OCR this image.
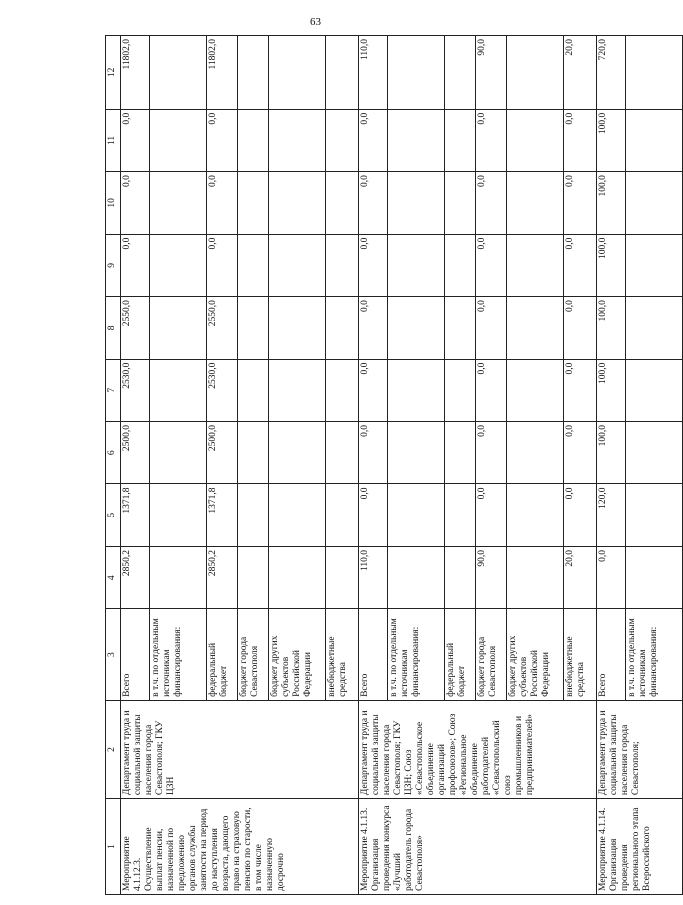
63
1	2	3	4	5	6	7	8	9	10	11	12
Мероприятие 4.1.12.3. Осуществление выплат пенсии, назначенной по предложению органов службы занятости на период до наступления возраста, дающего право на страховую пенсию по старости, в том числе назначенную досрочно	Департамент труда и социальной защиты населения города Севастополя; ГКУ ЦЗН	Всего	2850,2	1371,8	2500,0	2530,0	2550,0	0,0	0,0	0,0	11802,0
		в т.ч. по отдельным источникам финансирования:									
		федеральный бюджет	2850,2	1371,8	2500,0	2530,0	2550,0	0,0	0,0	0,0	11802,0
		бюджет города Севастополя									
		бюджет других субъектов Российской Федерации									
		внебюджетные средства									
Мероприятие 4.1.13. Организация проведения конкурса «Лучший работодатель города Севастополя»	Департамент труда и социальной защиты населения города Севастополя; ГКУ ЦЗН; Союз «Севастопольское объединение организаций профсоюзов»; Союз «Региональное объединение работодателей «Севастопольский союз промышленников и предпринимателей»	Всего	110,0	0,0	0,0	0,0	0,0	0,0	0,0	0,0	110,0
		в т.ч. по отдельным источникам финансирования:									
		федеральный бюджет									
		бюджет города Севастополя	90,0	0,0	0,0	0,0	0,0	0,0	0,0	0,0	90,0
		бюджет других субъектов Российской Федерации									
		внебюджетные средства	20,0	0,0	0,0	0,0	0,0	0,0	0,0	0,0	20,0
Мероприятие 4.1.14. Организация проведения регионального этапа Всероссийского	Департамент труда и социальной защиты населения города Севастополя;	Всего	0,0	120,0	100,0	100,0	100,0	100,0	100,0	100,0	720,0
		в т.ч. по отдельным источникам финансирования:									
